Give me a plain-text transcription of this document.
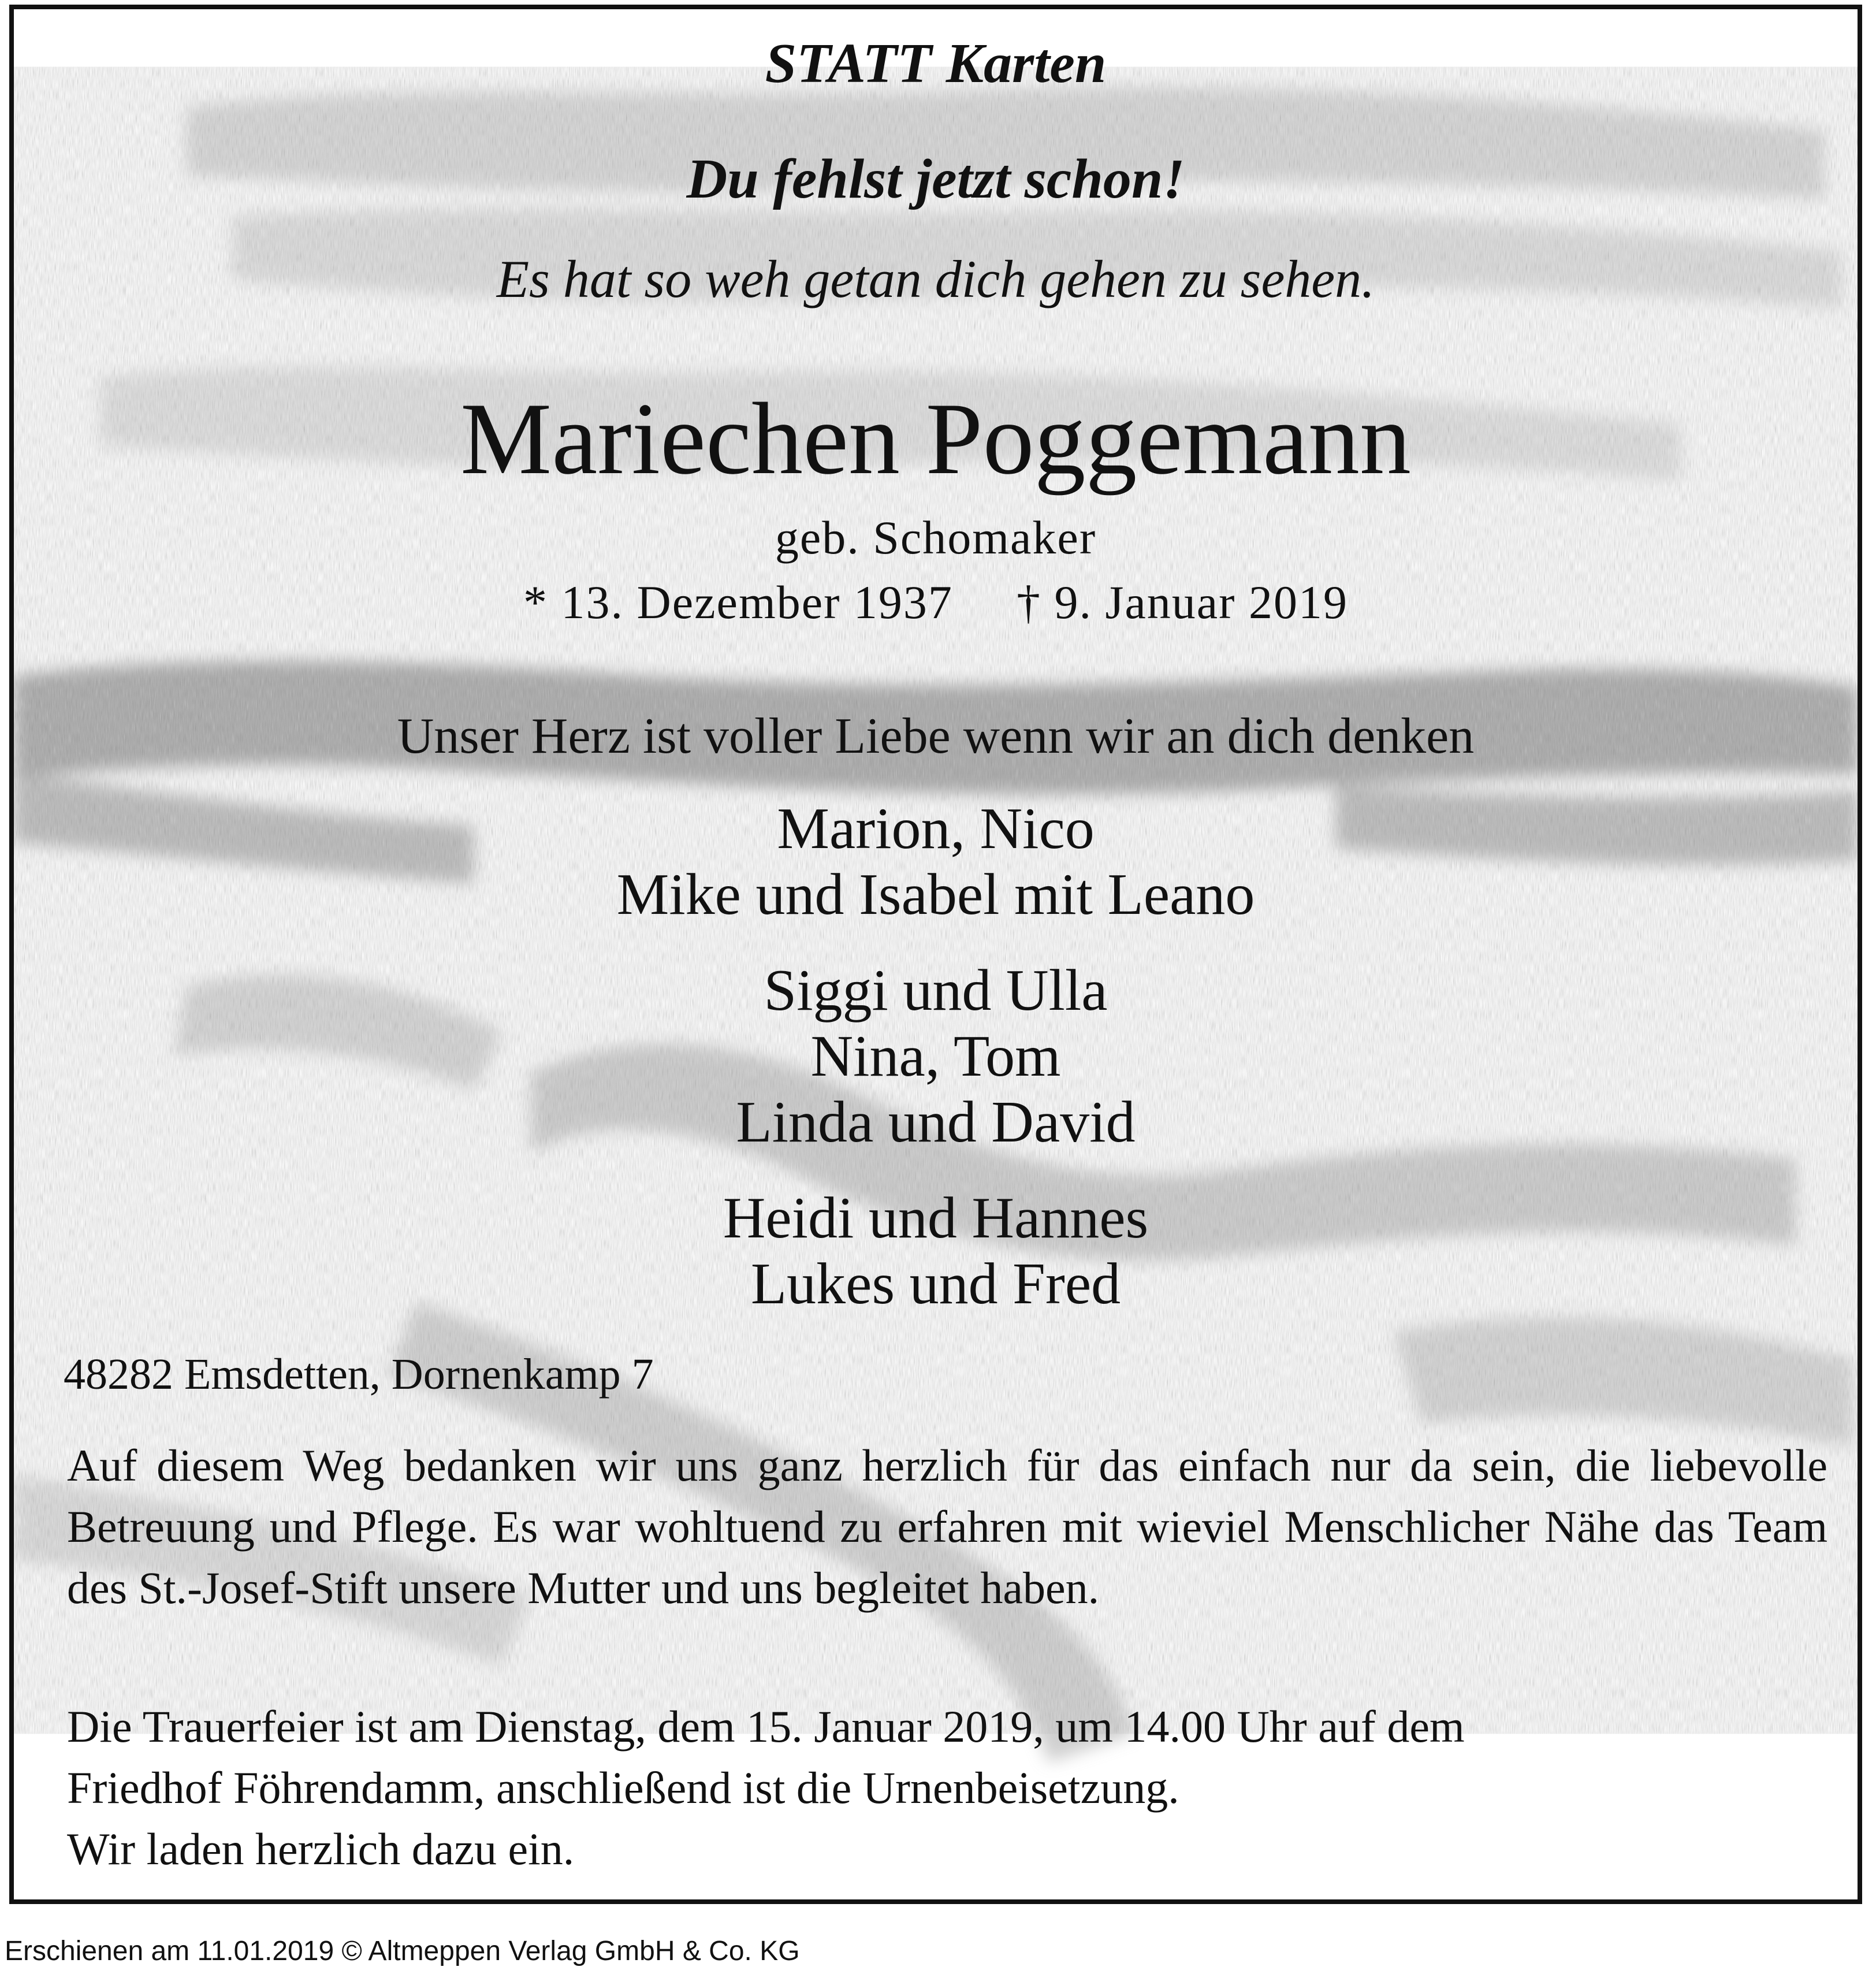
STATT Karten
Du fehlst jetzt schon!
Es hat so weh getan dich gehen zu sehen.
Mariechen Poggemann
geb. Schomaker
* 13. Dezember 1937 † 9. Januar 2019
Unser Herz ist voller Liebe wenn wir an dich denken
Marion, Nico
Mike und Isabel mit Leano
Siggi und Ulla
Nina, Tom
Linda und David
Heidi und Hannes
Lukes und Fred
48282 Emsdetten, Dornenkamp 7
Auf diesem Weg bedanken wir uns ganz herzlich für das einfach nur da sein, die liebevolle Betreuung und Pflege. Es war wohltuend zu erfahren mit wieviel Menschlicher Nähe das Team des St.-Josef-Stift unsere Mutter und uns begleitet haben.
Die Trauerfeier ist am Dienstag, dem 15. Januar 2019, um 14.00 Uhr auf dem
Friedhof Föhrendamm, anschließend ist die Urnenbeisetzung.
Wir laden herzlich dazu ein.
Erschienen am 11.01.2019 © Altmeppen Verlag GmbH & Co. KG
